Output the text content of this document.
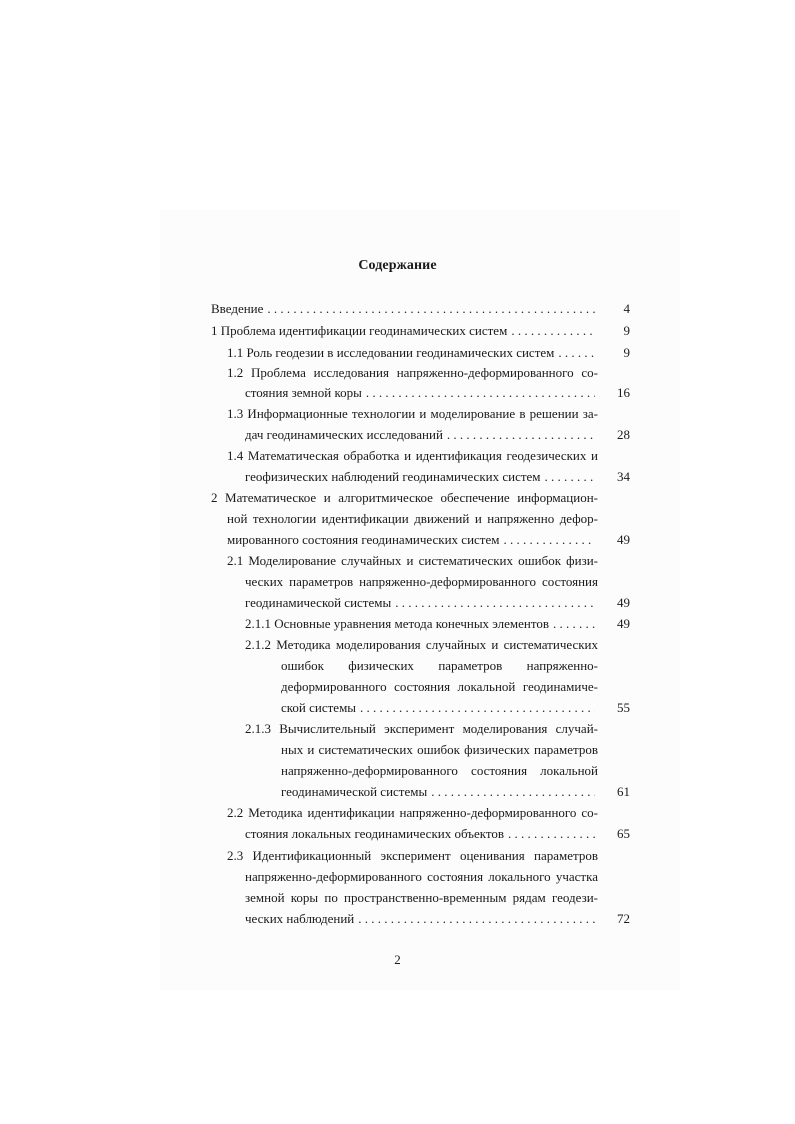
Содержание
Введение . . .	4
1 Проблема идентификации геодинамических систем . . .	9
1.1 Роль геодезии в исследовании геодинамических систем . . .	9
1.2 Проблема исследования напряженно-деформированного со-
стояния земной коры . . .	16
1.3 Информационные технологии и моделирование в решении за-
дач геодинамических исследований . . .	28
1.4 Математическая обработка и идентификация геодезических и
геофизических наблюдений геодинамических систем . . .	34
2 Математическое и алгоритмическое обеспечение информацион-
ной технологии идентификации движений и напряженно дефор-
мированного состояния геодинамических систем . . .	49
2.1 Моделирование случайных и систематических ошибок физи-
ческих параметров напряженно-деформированного состояния
геодинамической системы . . .	49
2.1.1 Основные уравнения метода конечных элементов . . .	49
2.1.2 Методика моделирования случайных и систематических
ошибок физических параметров напряженно-
деформированного состояния локальной геодинамиче-
ской системы . . .	55
2.1.3 Вычислительный эксперимент моделирования случай-
ных и систематических ошибок физических параметров
напряженно-деформированного состояния локальной
геодинамической системы . . .	61
2.2 Методика идентификации напряженно-деформированного со-
стояния локальных геодинамических объектов . . .	65
2.3 Идентификационный эксперимент оценивания параметров
напряженно-деформированного состояния локального участка
земной коры по пространственно-временным рядам геодези-
ческих наблюдений . . .	72
2
